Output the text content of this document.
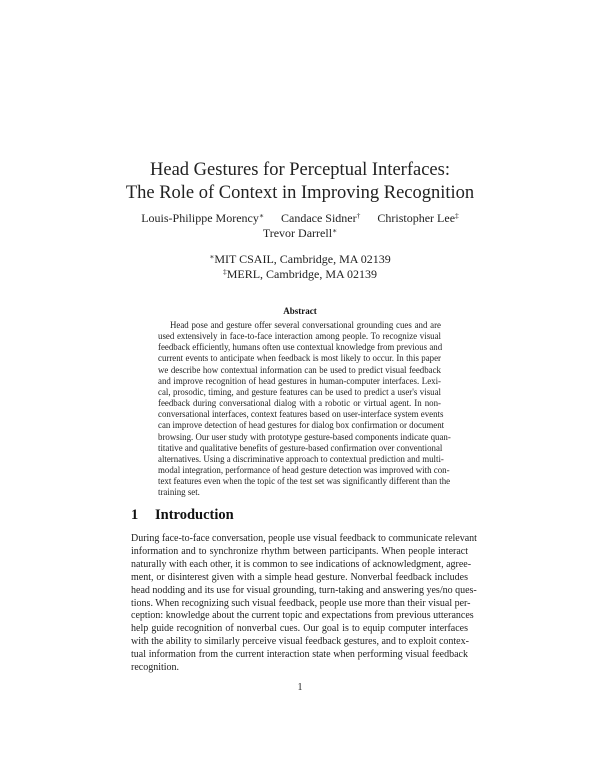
Head Gestures for Perceptual Interfaces:
The Role of Context in Improving Recognition
Louis-Philippe Morency∗ Candace Sidner† Christopher Lee‡
Trevor Darrell∗
∗MIT CSAIL, Cambridge, MA 02139
‡MERL, Cambridge, MA 02139
Abstract
Head pose and gesture offer several conversational grounding cues and are
used extensively in face-to-face interaction among people. To recognize visual
feedback efficiently, humans often use contextual knowledge from previous and
current events to anticipate when feedback is most likely to occur. In this paper
we describe how contextual information can be used to predict visual feedback
and improve recognition of head gestures in human-computer interfaces. Lexi-
cal, prosodic, timing, and gesture features can be used to predict a user's visual
feedback during conversational dialog with a robotic or virtual agent. In non-
conversational interfaces, context features based on user-interface system events
can improve detection of head gestures for dialog box confirmation or document
browsing. Our user study with prototype gesture-based components indicate quan-
titative and qualitative benefits of gesture-based confirmation over conventional
alternatives. Using a discriminative approach to contextual prediction and multi-
modal integration, performance of head gesture detection was improved with con-
text features even when the topic of the test set was significantly different than the
training set.
1 Introduction
During face-to-face conversation, people use visual feedback to communicate relevant
information and to synchronize rhythm between participants. When people interact
naturally with each other, it is common to see indications of acknowledgment, agree-
ment, or disinterest given with a simple head gesture. Nonverbal feedback includes
head nodding and its use for visual grounding, turn-taking and answering yes/no ques-
tions. When recognizing such visual feedback, people use more than their visual per-
ception: knowledge about the current topic and expectations from previous utterances
help guide recognition of nonverbal cues. Our goal is to equip computer interfaces
with the ability to similarly perceive visual feedback gestures, and to exploit contex-
tual information from the current interaction state when performing visual feedback
recognition.
1
